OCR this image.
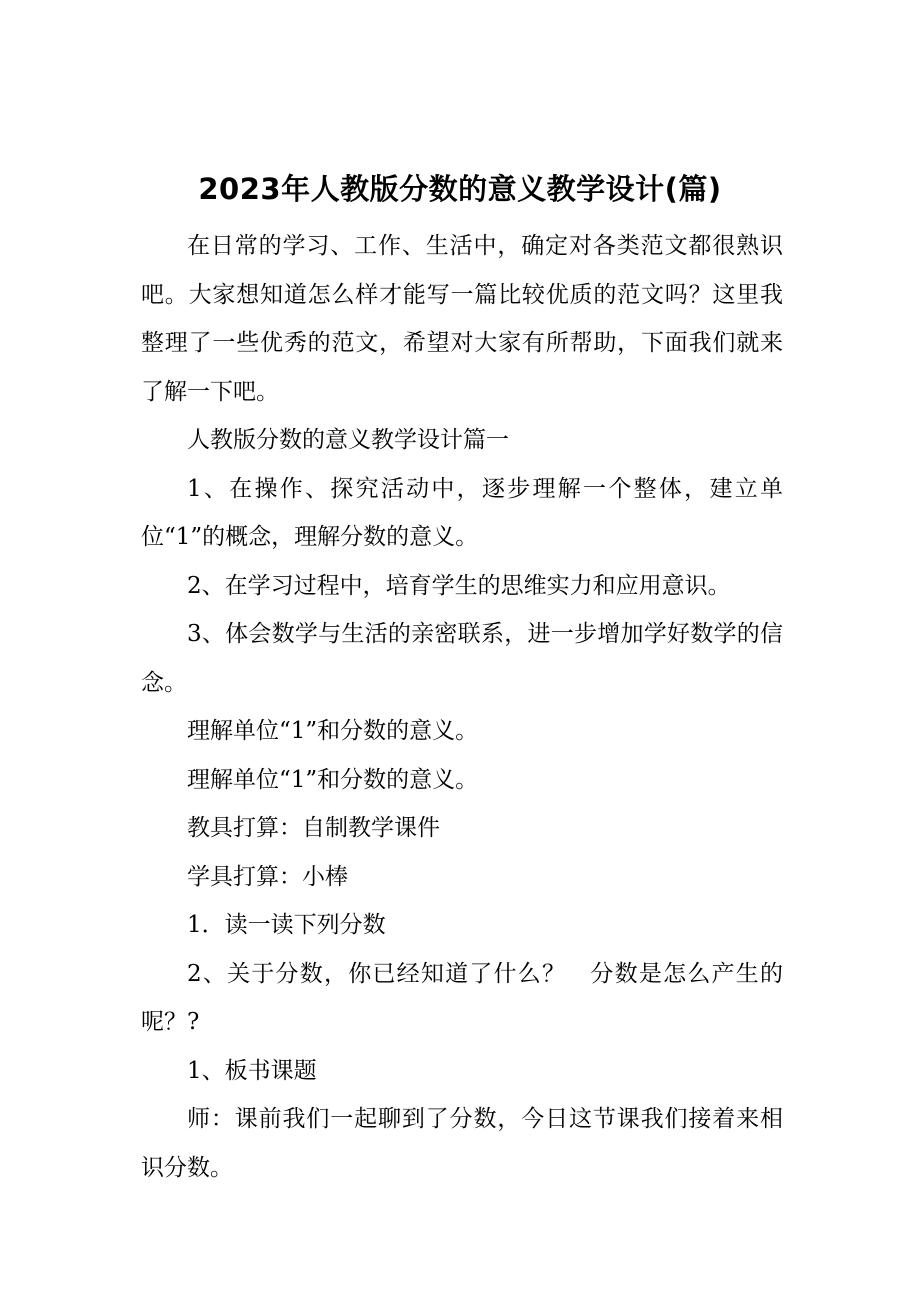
2023年人教版分数的意义教学设计(篇)

在日常的学习、工作、生活中，确定对各类范文都很熟识吧。大家想知道怎么样才能写一篇比较优质的范文吗？这里我整理了一些优秀的范文，希望对大家有所帮助，下面我们就来了解一下吧。

人教版分数的意义教学设计篇一

1、在操作、探究活动中，逐步理解一个整体，建立单位“1”的概念，理解分数的意义。

2、在学习过程中，培育学生的思维实力和应用意识。

3、体会数学与生活的亲密联系，进一步增加学好数学的信念。

理解单位“1”和分数的意义。

理解单位“1”和分数的意义。

教具打算：自制教学课件

学具打算：小棒

1．读一读下列分数

2、关于分数，你已经知道了什么？　分数是怎么产生的呢？?

1、板书课题

师：课前我们一起聊到了分数，今日这节课我们接着来相识分数。
